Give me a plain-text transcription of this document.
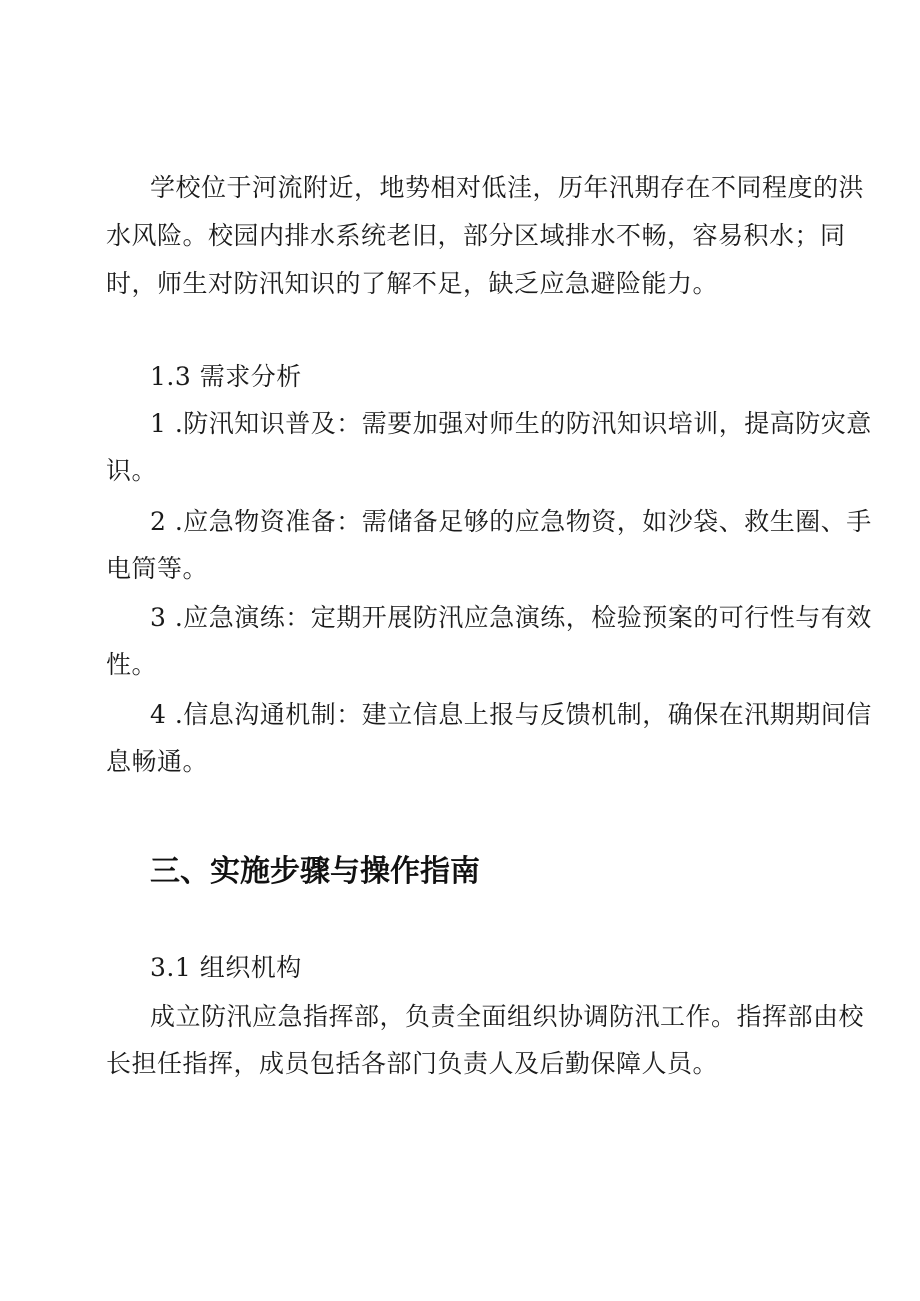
学校位于河流附近，地势相对低洼，历年汛期存在不同程度的洪
水风险。校园内排水系统老旧，部分区域排水不畅，容易积水；同
时，师生对防汛知识的了解不足，缺乏应急避险能力。
1.3 需求分析
1 .防汛知识普及：需要加强对师生的防汛知识培训，提高防灾意
识。
2 .应急物资准备：需储备足够的应急物资，如沙袋、救生圈、手
电筒等。
3 .应急演练：定期开展防汛应急演练，检验预案的可行性与有效
性。
4 .信息沟通机制：建立信息上报与反馈机制，确保在汛期期间信
息畅通。
三、实施步骤与操作指南
3.1 组织机构
成立防汛应急指挥部，负责全面组织协调防汛工作。指挥部由校
长担任指挥，成员包括各部门负责人及后勤保障人员。
